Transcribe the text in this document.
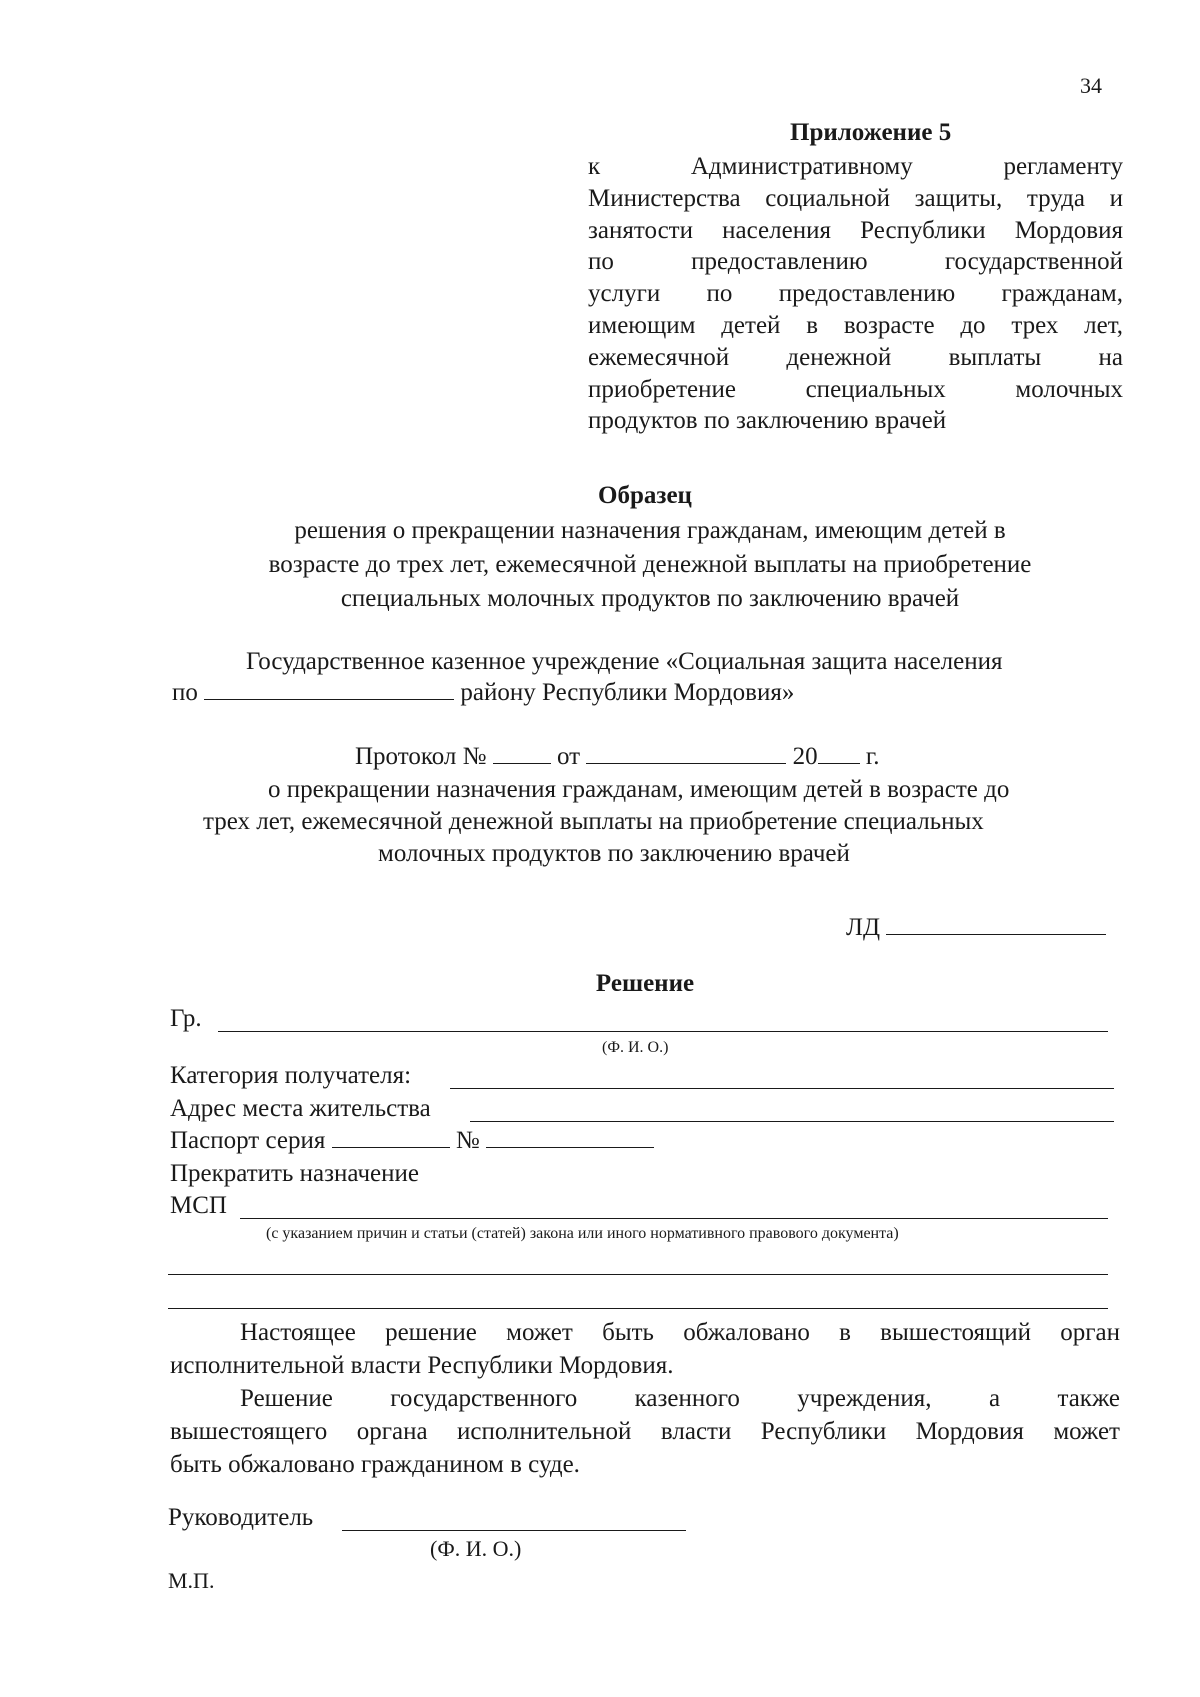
34
Приложение 5
к Административному регламенту
Министерства социальной защиты, труда и
занятости населения Республики Мордовия
по предоставлению государственной
услуги по предоставлению гражданам,
имеющим детей в возрасте до трех лет,
ежемесячной денежной выплаты на
приобретение специальных молочных
продуктов по заключению врачей
Образец
решения о прекращении назначения гражданам, имеющим детей в
возрасте до трех лет, ежемесячной денежной выплаты на приобретение
специальных молочных продуктов по заключению врачей
Государственное казенное учреждение «Социальная защита населения
по	району Республики Мордовия»
Протокол №	от	20 г.
о прекращении назначения гражданам, имеющим детей в возрасте до
трех лет, ежемесячной денежной выплаты на приобретение специальных
молочных продуктов по заключению врачей
ЛД
Решение
Гр.
(Ф. И. О.)
Категория получателя:
Адрес места жительства
Паспорт серия	№
Прекратить назначение
МСП
(с указанием причин и статьи (статей) закона или иного нормативного правового документа)
Настоящее решение может быть обжаловано в вышестоящий орган
исполнительной власти Республики Мордовия.
Решение государственного казенного учреждения, а также
вышестоящего органа исполнительной власти Республики Мордовия может
быть обжаловано гражданином в суде.
Руководитель
(Ф. И. О.)
М.П.
